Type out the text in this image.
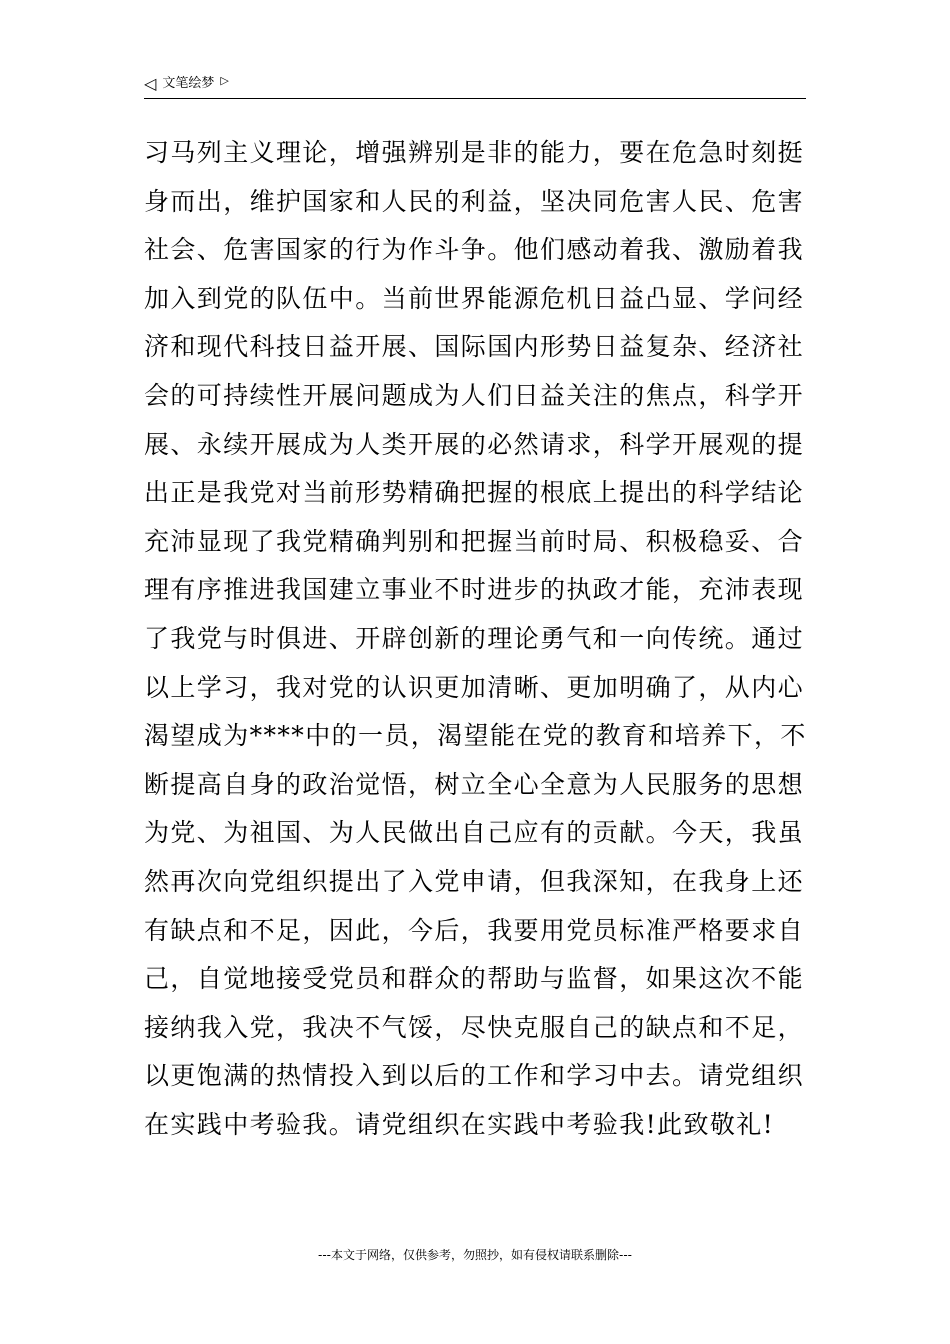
◁ 文笔绘梦 ▷
习马列主义理论，增强辨别是非的能力，要在危急时刻挺
身而出，维护国家和人民的利益，坚决同危害人民、危害
社会、危害国家的行为作斗争。他们感动着我、激励着我
加入到党的队伍中。当前世界能源危机日益凸显、学问经
济和现代科技日益开展、国际国内形势日益复杂、经济社
会的可持续性开展问题成为人们日益关注的焦点，科学开
展、永续开展成为人类开展的必然请求，科学开展观的提
出正是我党对当前形势精确把握的根底上提出的科学结论
充沛显现了我党精确判别和把握当前时局、积极稳妥、合
理有序推进我国建立事业不时进步的执政才能，充沛表现
了我党与时俱进、开辟创新的理论勇气和一向传统。通过
以上学习，我对党的认识更加清晰、更加明确了，从内心
渴望成为****中的一员，渴望能在党的教育和培养下，不
断提高自身的政治觉悟，树立全心全意为人民服务的思想
为党、为祖国、为人民做出自己应有的贡献。今天，我虽
然再次向党组织提出了入党申请，但我深知，在我身上还
有缺点和不足，因此，今后，我要用党员标准严格要求自
己，自觉地接受党员和群众的帮助与监督，如果这次不能
接纳我入党，我决不气馁，尽快克服自己的缺点和不足，
以更饱满的热情投入到以后的工作和学习中去。请党组织
在实践中考验我。请党组织在实践中考验我!此致敬礼!
---本文于网络，仅供参考，勿照抄，如有侵权请联系删除---
